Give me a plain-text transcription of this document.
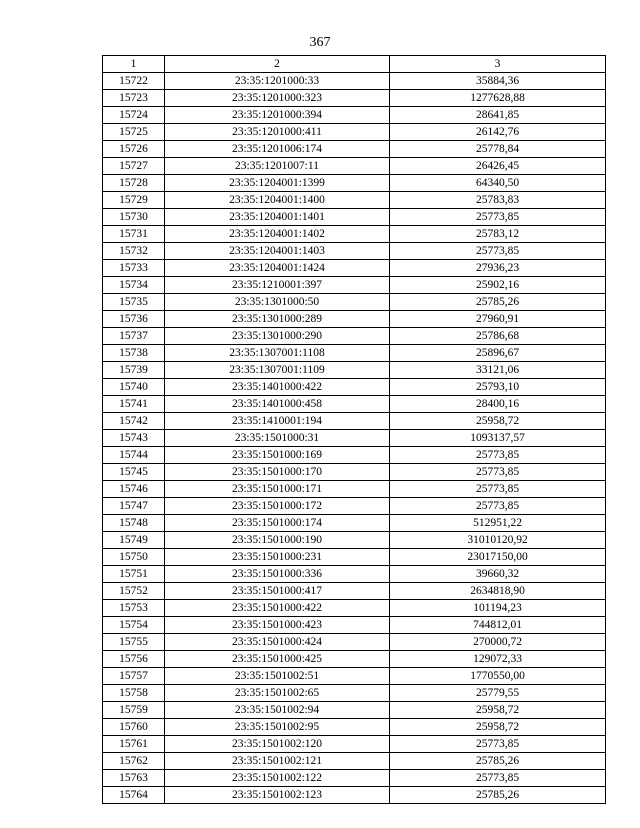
367
1	2	3
15722	23:35:1201000:33	35884,36
15723	23:35:1201000:323	1277628,88
15724	23:35:1201000:394	28641,85
15725	23:35:1201000:411	26142,76
15726	23:35:1201006:174	25778,84
15727	23:35:1201007:11	26426,45
15728	23:35:1204001:1399	64340,50
15729	23:35:1204001:1400	25783,83
15730	23:35:1204001:1401	25773,85
15731	23:35:1204001:1402	25783,12
15732	23:35:1204001:1403	25773,85
15733	23:35:1204001:1424	27936,23
15734	23:35:1210001:397	25902,16
15735	23:35:1301000:50	25785,26
15736	23:35:1301000:289	27960,91
15737	23:35:1301000:290	25786,68
15738	23:35:1307001:1108	25896,67
15739	23:35:1307001:1109	33121,06
15740	23:35:1401000:422	25793,10
15741	23:35:1401000:458	28400,16
15742	23:35:1410001:194	25958,72
15743	23:35:1501000:31	1093137,57
15744	23:35:1501000:169	25773,85
15745	23:35:1501000:170	25773,85
15746	23:35:1501000:171	25773,85
15747	23:35:1501000:172	25773,85
15748	23:35:1501000:174	512951,22
15749	23:35:1501000:190	31010120,92
15750	23:35:1501000:231	23017150,00
15751	23:35:1501000:336	39660,32
15752	23:35:1501000:417	2634818,90
15753	23:35:1501000:422	101194,23
15754	23:35:1501000:423	744812,01
15755	23:35:1501000:424	270000,72
15756	23:35:1501000:425	129072,33
15757	23:35:1501002:51	1770550,00
15758	23:35:1501002:65	25779,55
15759	23:35:1501002:94	25958,72
15760	23:35:1501002:95	25958,72
15761	23:35:1501002:120	25773,85
15762	23:35:1501002:121	25785,26
15763	23:35:1501002:122	25773,85
15764	23:35:1501002:123	25785,26
